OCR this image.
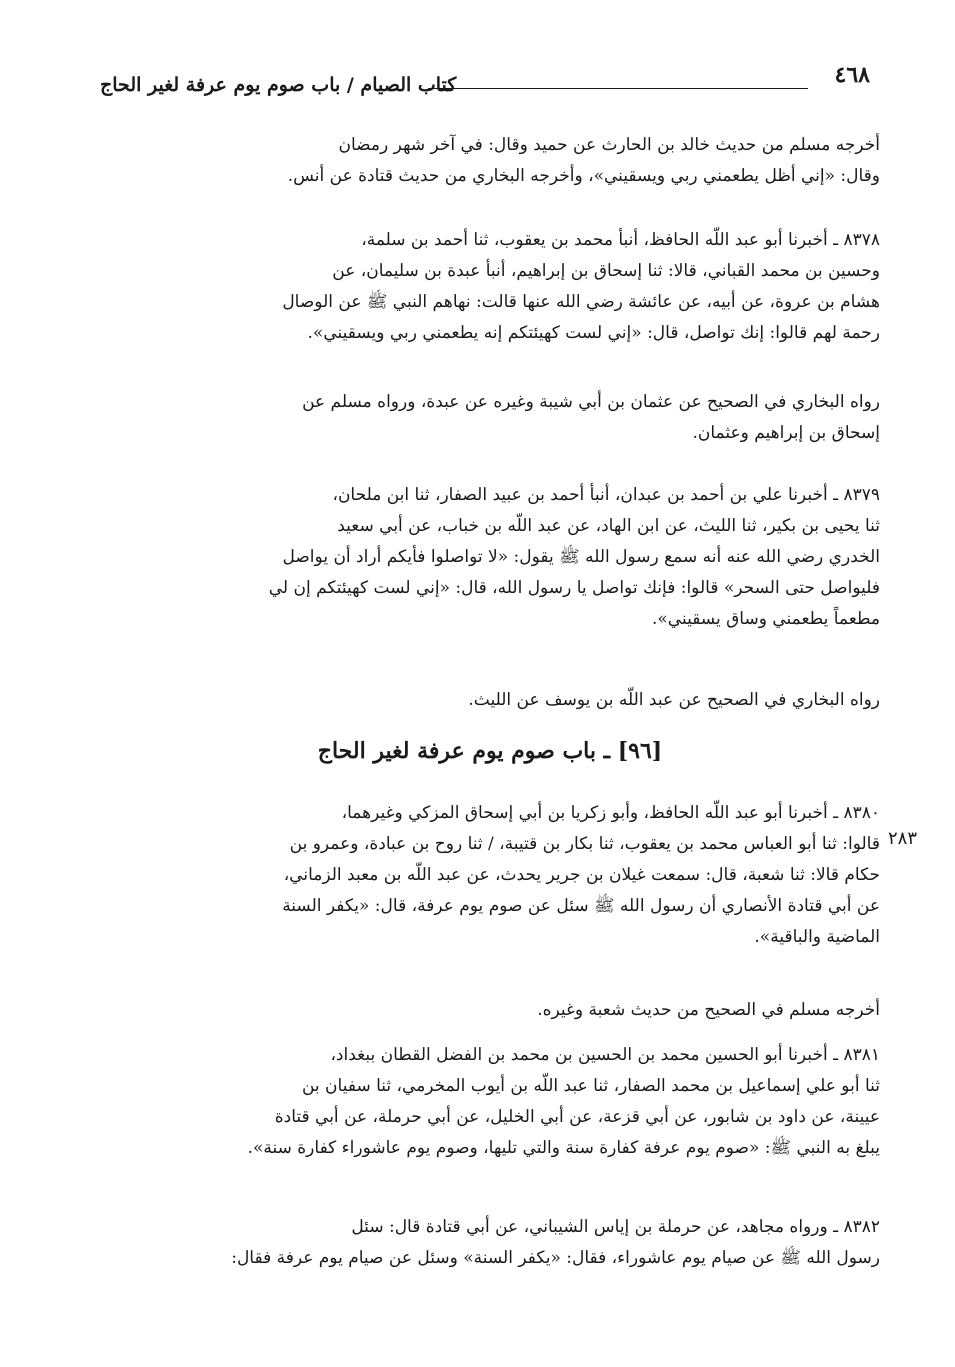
٤٦٨
كتاب الصيام / باب صوم يوم عرفة لغير الحاج
أخرجه مسلم من حديث خالد بن الحارث عن حميد وقال: في آخر شهر رمضان
وقال: «إني أظل يطعمني ربي ويسقيني»، وأخرجه البخاري من حديث قتادة عن أنس.
٨٣٧٨ ـ أخبرنا أبو عبد اللّه الحافظ، أنبأ محمد بن يعقوب، ثنا أحمد بن سلمة،
وحسين بن محمد القباني، قالا: ثنا إسحاق بن إبراهيم، أنبأ عبدة بن سليمان، عن
هشام بن عروة، عن أبيه، عن عائشة رضي الله عنها قالت: نهاهم النبي ﷺ عن الوصال
رحمة لهم قالوا: إنك تواصل، قال: «إني لست كهيئتكم إنه يطعمني ربي ويسقيني».
رواه البخاري في الصحيح عن عثمان بن أبي شيبة وغيره عن عبدة، ورواه مسلم عن
إسحاق بن إبراهيم وعثمان.
٨٣٧٩ ـ أخبرنا علي بن أحمد بن عبدان، أنبأ أحمد بن عبيد الصفار، ثنا ابن ملحان،
ثنا يحيى بن بكير، ثنا الليث، عن ابن الهاد، عن عبد اللّه بن خباب، عن أبي سعيد
الخدري رضي الله عنه أنه سمع رسول الله ﷺ يقول: «لا تواصلوا فأيكم أراد أن يواصل
فليواصل حتى السحر» قالوا: فإنك تواصل يا رسول الله، قال: «إني لست كهيئتكم إن لي
مطعماً يطعمني وساق يسقيني».
رواه البخاري في الصحيح عن عبد اللّه بن يوسف عن الليث.
[٩٦] ـ باب صوم يوم عرفة لغير الحاج
٢٨٣
٨٣٨٠ ـ أخبرنا أبو عبد اللّه الحافظ، وأبو زكريا بن أبي إسحاق المزكي وغيرهما،
قالوا: ثنا أبو العباس محمد بن يعقوب، ثنا بكار بن قتيبة، / ثنا روح بن عبادة، وعمرو بن
حكام قالا: ثنا شعبة، قال: سمعت غيلان بن جرير يحدث، عن عبد اللّه بن معبد الزماني،
عن أبي قتادة الأنصاري أن رسول الله ﷺ سئل عن صوم يوم عرفة، قال: «يكفر السنة
الماضية والباقية».
أخرجه مسلم في الصحيح من حديث شعبة وغيره.
٨٣٨١ ـ أخبرنا أبو الحسين محمد بن الحسين بن محمد بن الفضل القطان ببغداد،
ثنا أبو علي إسماعيل بن محمد الصفار، ثنا عبد اللّه بن أيوب المخرمي، ثنا سفيان بن
عيينة، عن داود بن شابور، عن أبي قزعة، عن أبي الخليل، عن أبي حرملة، عن أبي قتادة
يبلغ به النبي ﷺ: «صوم يوم عرفة كفارة سنة والتي تليها، وصوم يوم عاشوراء كفارة سنة».
٨٣٨٢ ـ ورواه مجاهد، عن حرملة بن إياس الشيباني، عن أبي قتادة قال: سئل
رسول الله ﷺ عن صيام يوم عاشوراء، فقال: «يكفر السنة» وسئل عن صيام يوم عرفة فقال:
